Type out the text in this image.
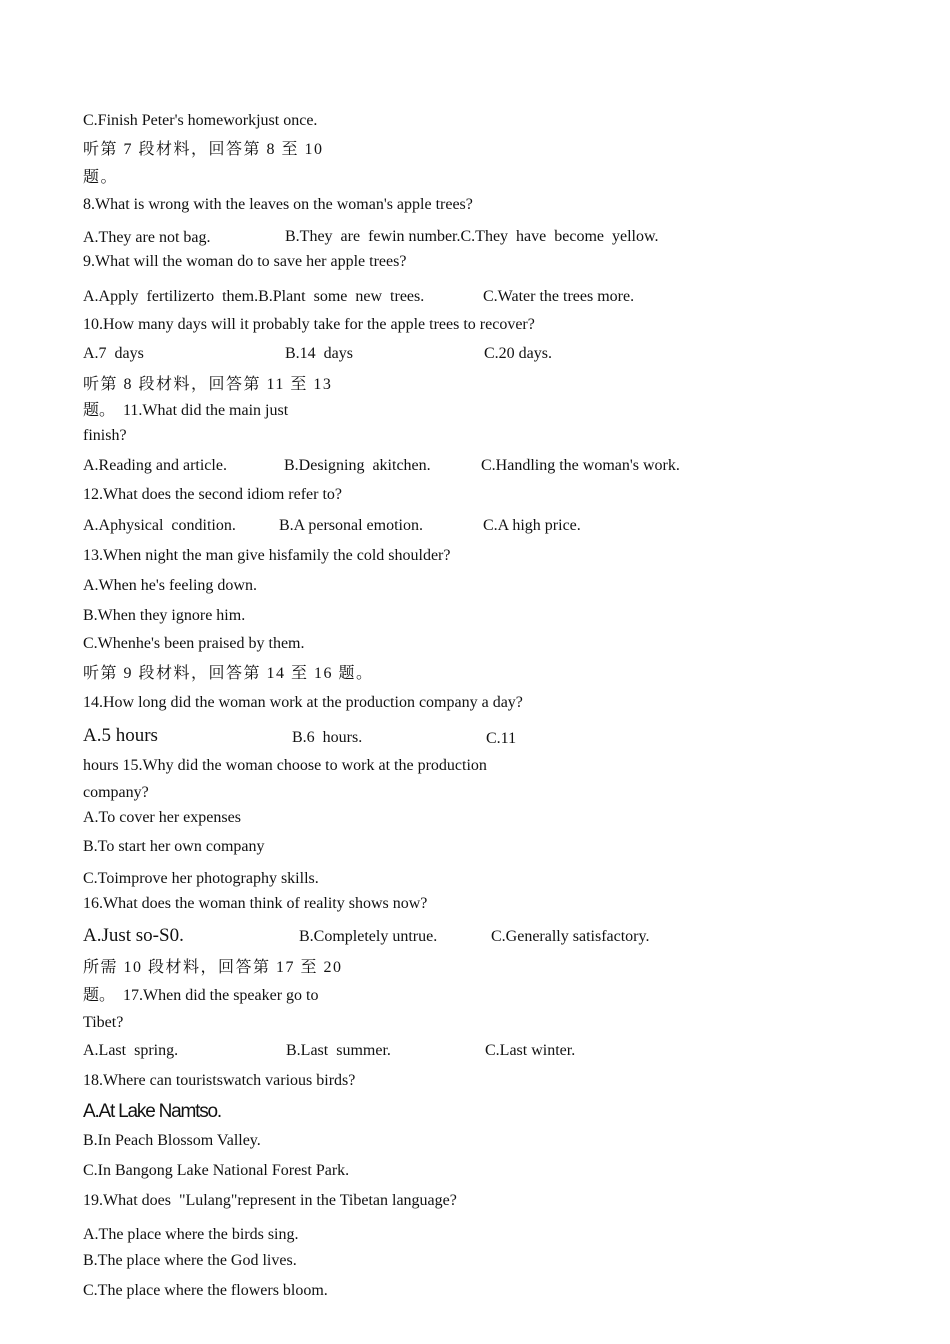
C.Finish Peter's homeworkjust once.
听第 7 段材料，回答第 8 至 10
题。
8.What is wrong with the leaves on the woman's apple trees?
A.They are not bag.	B.They  are  fewin number.C.They  have  become  yellow.
9.What will the woman do to save her apple trees?
A.Apply  fertilizerto  them.B.Plant  some  new  trees.	C.Water the trees more.
10.How many days will it probably take for the apple trees to recover?
A.7  days	B.14  days	C.20 days.
听第 8 段材料，回答第 11 至 13
题。  11.What did the main just
finish?
A.Reading and article.	B.Designing  akitchen.	C.Handling the woman's work.
12.What does the second idiom refer to?
A.Aphysical  condition.	B.A personal emotion.	C.A high price.
13.When night the man give hisfamily the cold shoulder?
A.When he's feeling down.
B.When they ignore him.
C.Whenhe's been praised by them.
听第 9 段材料，回答第 14 至 16 题。
14.How long did the woman work at the production company a day?
A.5 hours	B.6  hours.	C.11
hours 15.Why did the woman choose to work at the production
company?
A.To cover her expenses
B.To start her own company
C.Toimprove her photography skills.
16.What does the woman think of reality shows now?
A.Just so-S0.	B.Completely untrue.	C.Generally satisfactory.
所需 10 段材料，回答第 17 至 20
题。  17.When did the speaker go to
Tibet?
A.Last  spring.	B.Last  summer.	C.Last winter.
18.Where can touristswatch various birds?
A.At Lake Namtso.
B.In Peach Blossom Valley.
C.In Bangong Lake National Forest Park.
19.What does  "Lulang"represent in the Tibetan language?
A.The place where the birds sing.
B.The place where the God lives.
C.The place where the flowers bloom.
